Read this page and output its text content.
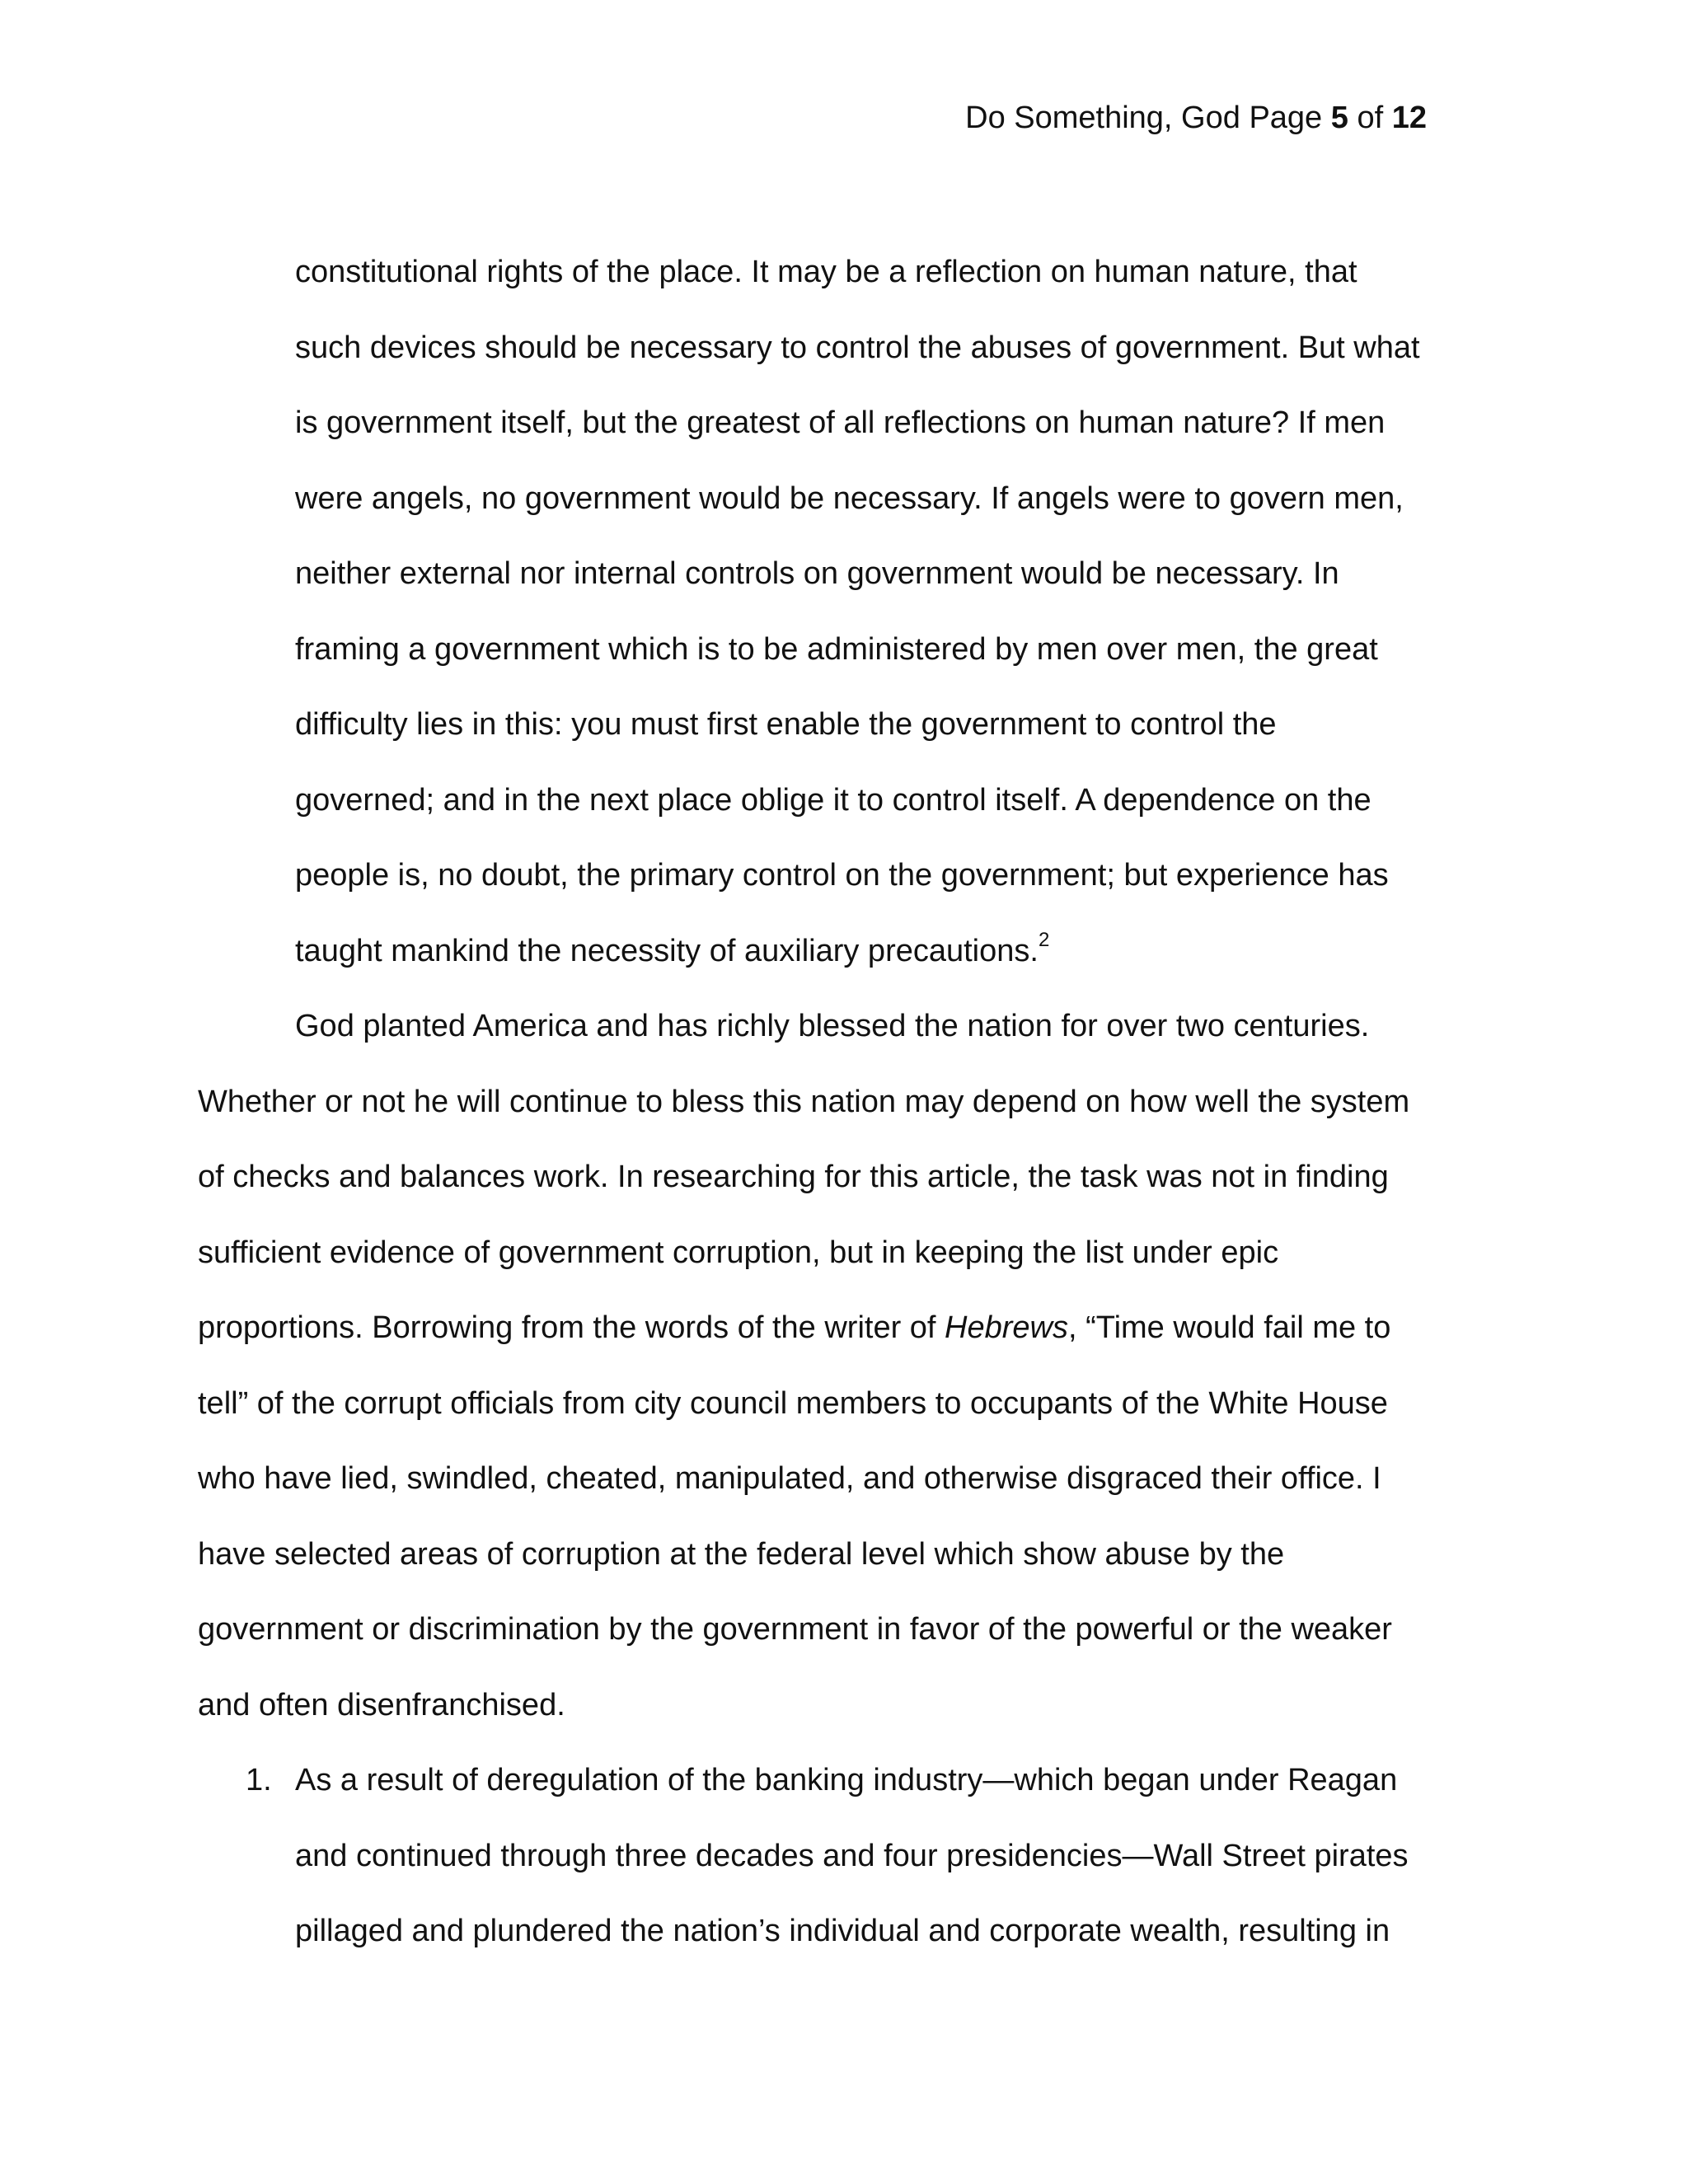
Do Something, God Page 5 of 12
constitutional rights of the place. It may be a reflection on human nature, that
such devices should be necessary to control the abuses of government. But what
is government itself, but the greatest of all reflections on human nature? If men
were angels, no government would be necessary. If angels were to govern men,
neither external nor internal controls on government would be necessary. In
framing a government which is to be administered by men over men, the great
difficulty lies in this: you must first enable the government to control the
governed; and in the next place oblige it to control itself. A dependence on the
people is, no doubt, the primary control on the government; but experience has
taught mankind the necessity of auxiliary precautions.$^2$
God planted America and has richly blessed the nation for over two centuries.
Whether or not he will continue to bless this nation may depend on how well the system
of checks and balances work. In researching for this article, the task was not in finding
sufficient evidence of government corruption, but in keeping the list under epic
proportions. Borrowing from the words of the writer of Hebrews, “Time would fail me to
tell” of the corrupt officials from city council members to occupants of the White House
who have lied, swindled, cheated, manipulated, and otherwise disgraced their office. I
have selected areas of corruption at the federal level which show abuse by the
government or discrimination by the government in favor of the powerful or the weaker
and often disenfranchised.
1. As a result of deregulation of the banking industry—which began under Reagan
and continued through three decades and four presidencies—Wall Street pirates
pillaged and plundered the nation’s individual and corporate wealth, resulting in
